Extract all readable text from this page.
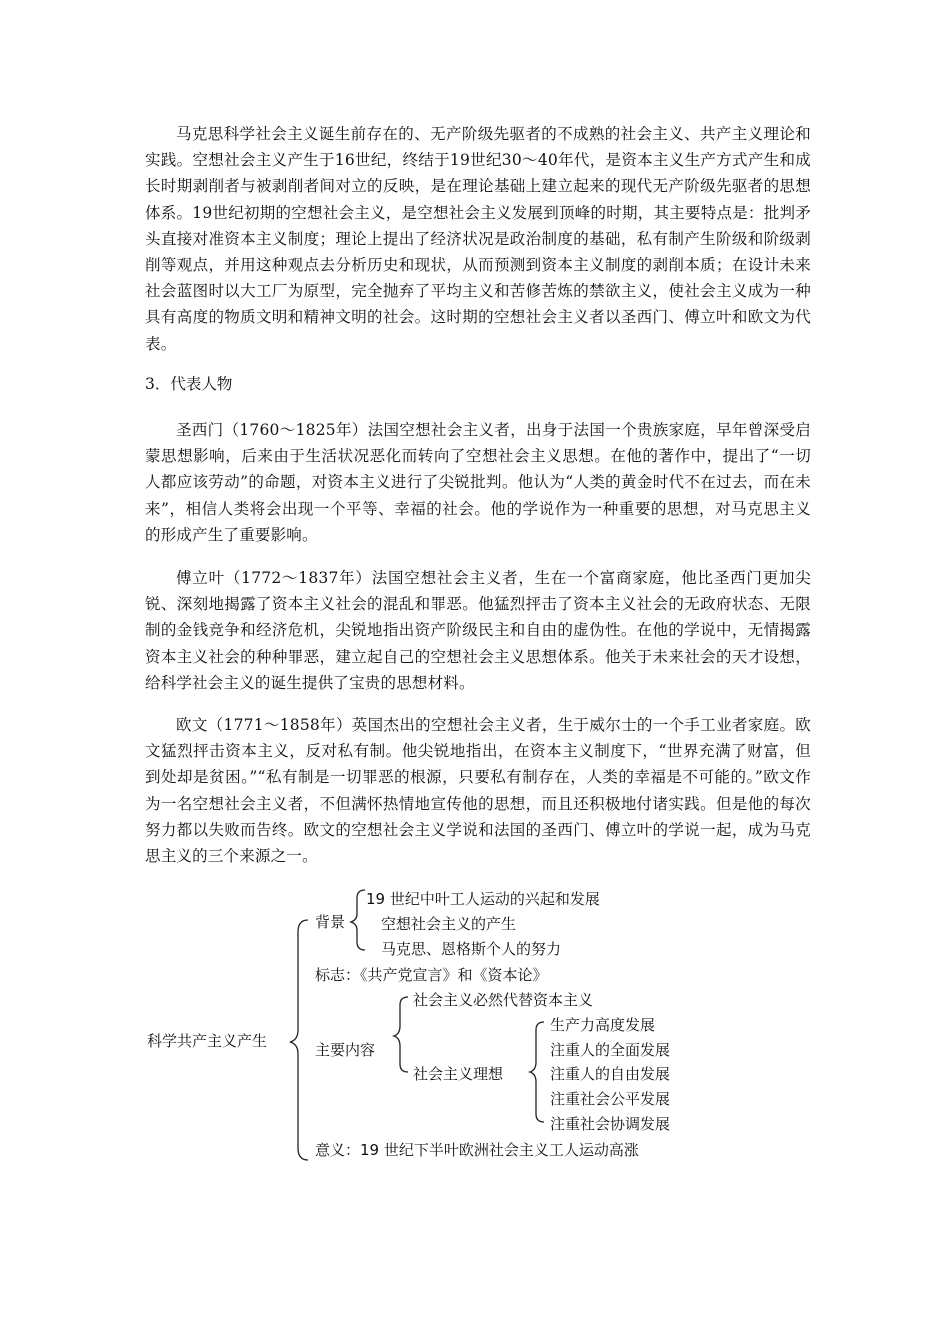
马克思科学社会主义诞生前存在的、无产阶级先驱者的不成熟的社会主义、共产主义理论和实践。空想社会主义产生于16世纪，终结于19世纪30～40年代，是资本主义生产方式产生和成长时期剥削者与被剥削者间对立的反映，是在理论基础上建立起来的现代无产阶级先驱者的思想体系。19世纪初期的空想社会主义，是空想社会主义发展到顶峰的时期，其主要特点是：批判矛头直接对准资本主义制度；理论上提出了经济状况是政治制度的基础，私有制产生阶级和阶级剥削等观点，并用这种观点去分析历史和现状，从而预测到资本主义制度的剥削本质；在设计未来社会蓝图时以大工厂为原型，完全抛弃了平均主义和苦修苦炼的禁欲主义，使社会主义成为一种具有高度的物质文明和精神文明的社会。这时期的空想社会主义者以圣西门、傅立叶和欧文为代表。

3．代表人物

圣西门（1760～1825年）法国空想社会主义者，出身于法国一个贵族家庭，早年曾深受启蒙思想影响，后来由于生活状况恶化而转向了空想社会主义思想。在他的著作中，提出了“一切人都应该劳动”的命题，对资本主义进行了尖锐批判。他认为“人类的黄金时代不在过去，而在未来”，相信人类将会出现一个平等、幸福的社会。他的学说作为一种重要的思想，对马克思主义的形成产生了重要影响。

傅立叶（1772～1837年）法国空想社会主义者，生在一个富商家庭，他比圣西门更加尖锐、深刻地揭露了资本主义社会的混乱和罪恶。他猛烈抨击了资本主义社会的无政府状态、无限制的金钱竞争和经济危机，尖锐地指出资产阶级民主和自由的虚伪性。在他的学说中，无情揭露资本主义社会的种种罪恶，建立起自己的空想社会主义思想体系。他关于未来社会的天才设想，给科学社会主义的诞生提供了宝贵的思想材料。

欧文（1771～1858年）英国杰出的空想社会主义者，生于威尔士的一个手工业者家庭。欧文猛烈抨击资本主义，反对私有制。他尖锐地指出，在资本主义制度下，“世界充满了财富，但到处却是贫困。”“私有制是一切罪恶的根源，只要私有制存在，人类的幸福是不可能的。”欧文作为一名空想社会主义者，不但满怀热情地宣传他的思想，而且还积极地付诸实践。但是他的每次努力都以失败而告终。欧文的空想社会主义学说和法国的圣西门、傅立叶的学说一起，成为马克思主义的三个来源之一。

科学共产主义产生
背景
19 世纪中叶工人运动的兴起和发展
空想社会主义的产生
马克思、恩格斯个人的努力
标志：《共产党宣言》和《资本论》
主要内容
社会主义必然代替资本主义
社会主义理想
生产力高度发展
注重人的全面发展
注重人的自由发展
注重社会公平发展
注重社会协调发展
意义：19 世纪下半叶欧洲社会主义工人运动高涨
